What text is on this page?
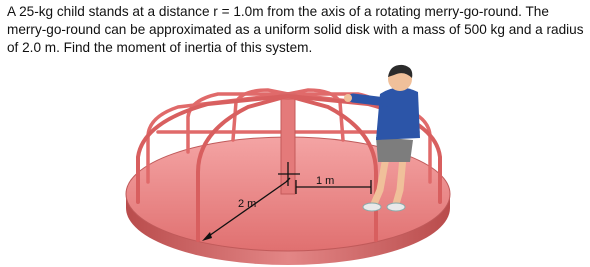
A 25-kg child stands at a distance r = 1.0m from the axis of a rotating merry-go-round. The
merry-go-round can be approximated as a uniform solid disk with a mass of 500 kg and a radius
of 2.0 m. Find the moment of inertia of this system.
2 m
1 m
